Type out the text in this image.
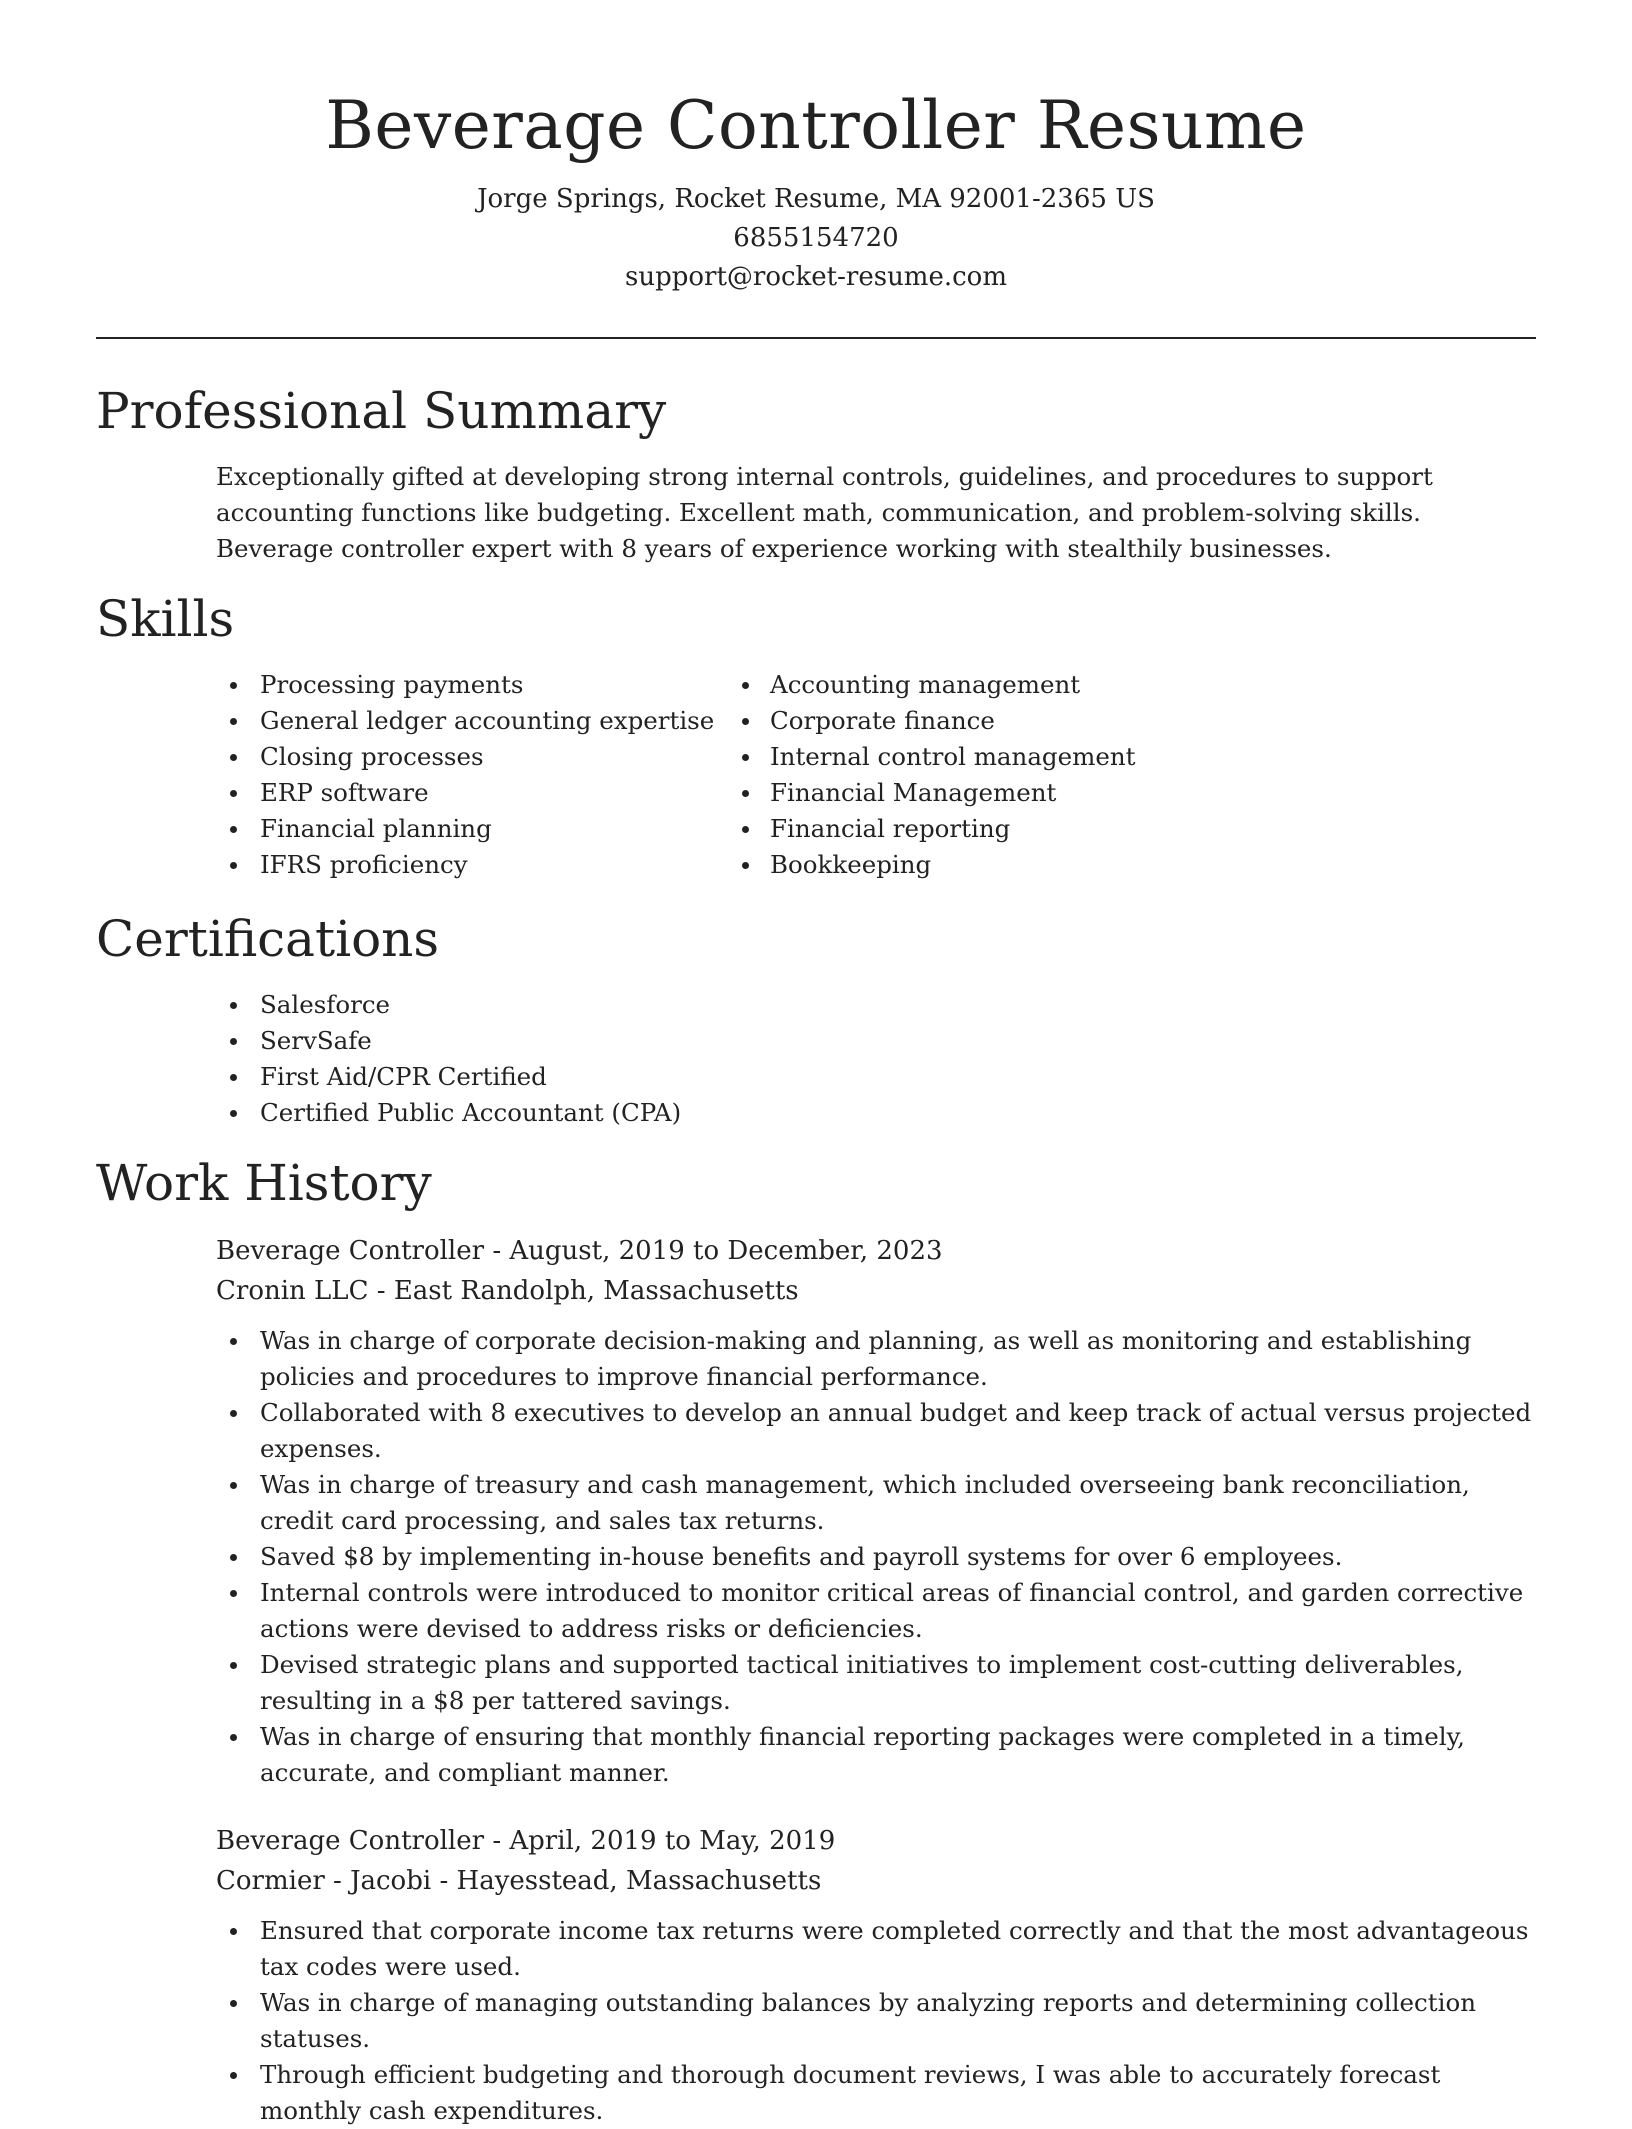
Beverage Controller Resume
Jorge Springs, Rocket Resume, MA 92001-2365 US
6855154720
support@rocket-resume.com
Professional Summary

Exceptionally gifted at developing strong internal controls, guidelines, and procedures to support accounting functions like budgeting. Excellent math, communication, and problem-solving skills. Beverage controller expert with 8 years of experience working with stealthily businesses.

Skills
Processing payments
General ledger accounting expertise
Closing processes
ERP software
Financial planning
IFRS proficiency
Accounting management
Corporate finance
Internal control management
Financial Management
Financial reporting
Bookkeeping
Certifications
Salesforce
ServSafe
First Aid/CPR Certified
Certified Public Accountant (CPA)
Work History
Beverage Controller - August, 2019 to December, 2023
Cronin LLC - East Randolph, Massachusetts
Was in charge of corporate decision-making and planning, as well as monitoring and establishing policies and procedures to improve financial performance.
Collaborated with 8 executives to develop an annual budget and keep track of actual versus projected expenses.
Was in charge of treasury and cash management, which included overseeing bank reconciliation, credit card processing, and sales tax returns.
Saved $8 by implementing in-house benefits and payroll systems for over 6 employees.
Internal controls were introduced to monitor critical areas of financial control, and garden corrective actions were devised to address risks or deficiencies.
Devised strategic plans and supported tactical initiatives to implement cost-cutting deliverables, resulting in a $8 per tattered savings.
Was in charge of ensuring that monthly financial reporting packages were completed in a timely, accurate, and compliant manner.
Beverage Controller - April, 2019 to May, 2019
Cormier - Jacobi - Hayesstead, Massachusetts
Ensured that corporate income tax returns were completed correctly and that the most advantageous tax codes were used.
Was in charge of managing outstanding balances by analyzing reports and determining collection statuses.
Through efficient budgeting and thorough document reviews, I was able to accurately forecast monthly cash expenditures.
